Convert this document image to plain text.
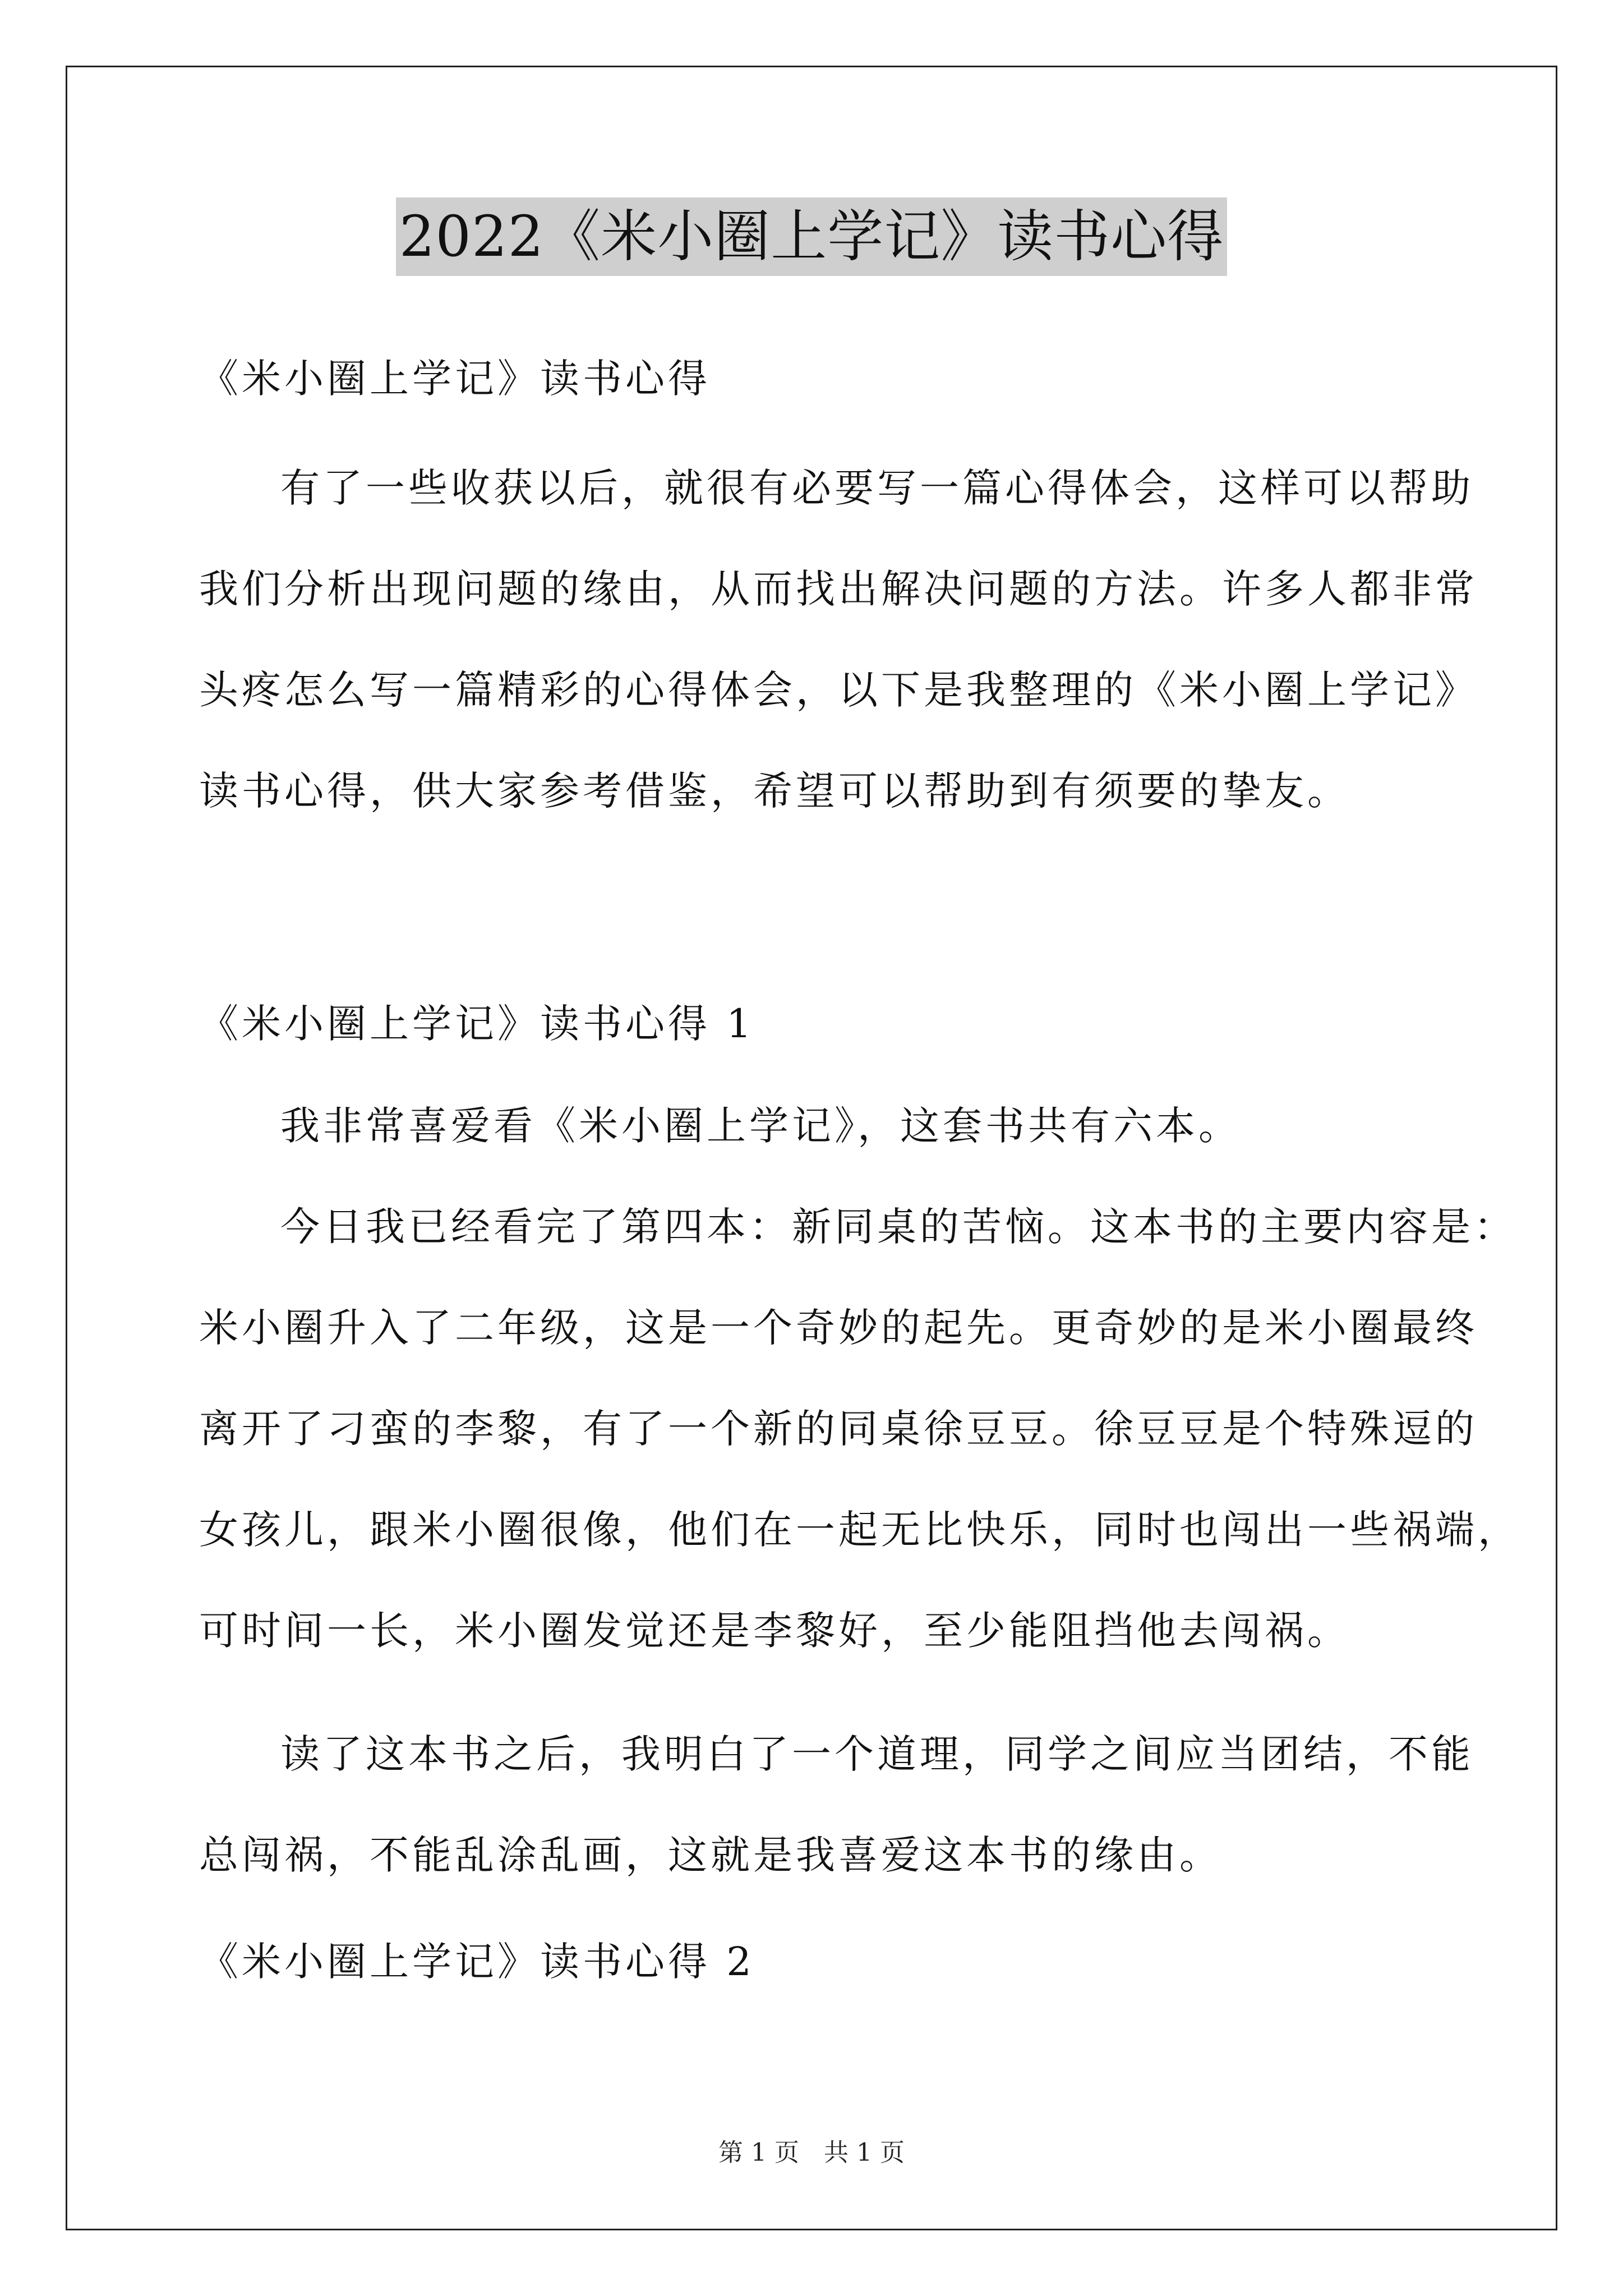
2022《米小圈上学记》读书心得
《米小圈上学记》读书心得
有了一些收获以后，就很有必要写一篇心得体会，这样可以帮助
我们分析出现问题的缘由，从而找出解决问题的方法。许多人都非常
头疼怎么写一篇精彩的心得体会，以下是我整理的《米小圈上学记》
读书心得，供大家参考借鉴，希望可以帮助到有须要的挚友。
《米小圈上学记》读书心得 1
我非常喜爱看《米小圈上学记》，这套书共有六本。
今日我已经看完了第四本：新同桌的苦恼。这本书的主要内容是：
米小圈升入了二年级，这是一个奇妙的起先。更奇妙的是米小圈最终
离开了刁蛮的李黎，有了一个新的同桌徐豆豆。徐豆豆是个特殊逗的
女孩儿，跟米小圈很像，他们在一起无比快乐，同时也闯出一些祸端，
可时间一长，米小圈发觉还是李黎好，至少能阻挡他去闯祸。
读了这本书之后，我明白了一个道理，同学之间应当团结，不能
总闯祸，不能乱涂乱画，这就是我喜爱这本书的缘由。
《米小圈上学记》读书心得 2
第 1 页　共 1 页
